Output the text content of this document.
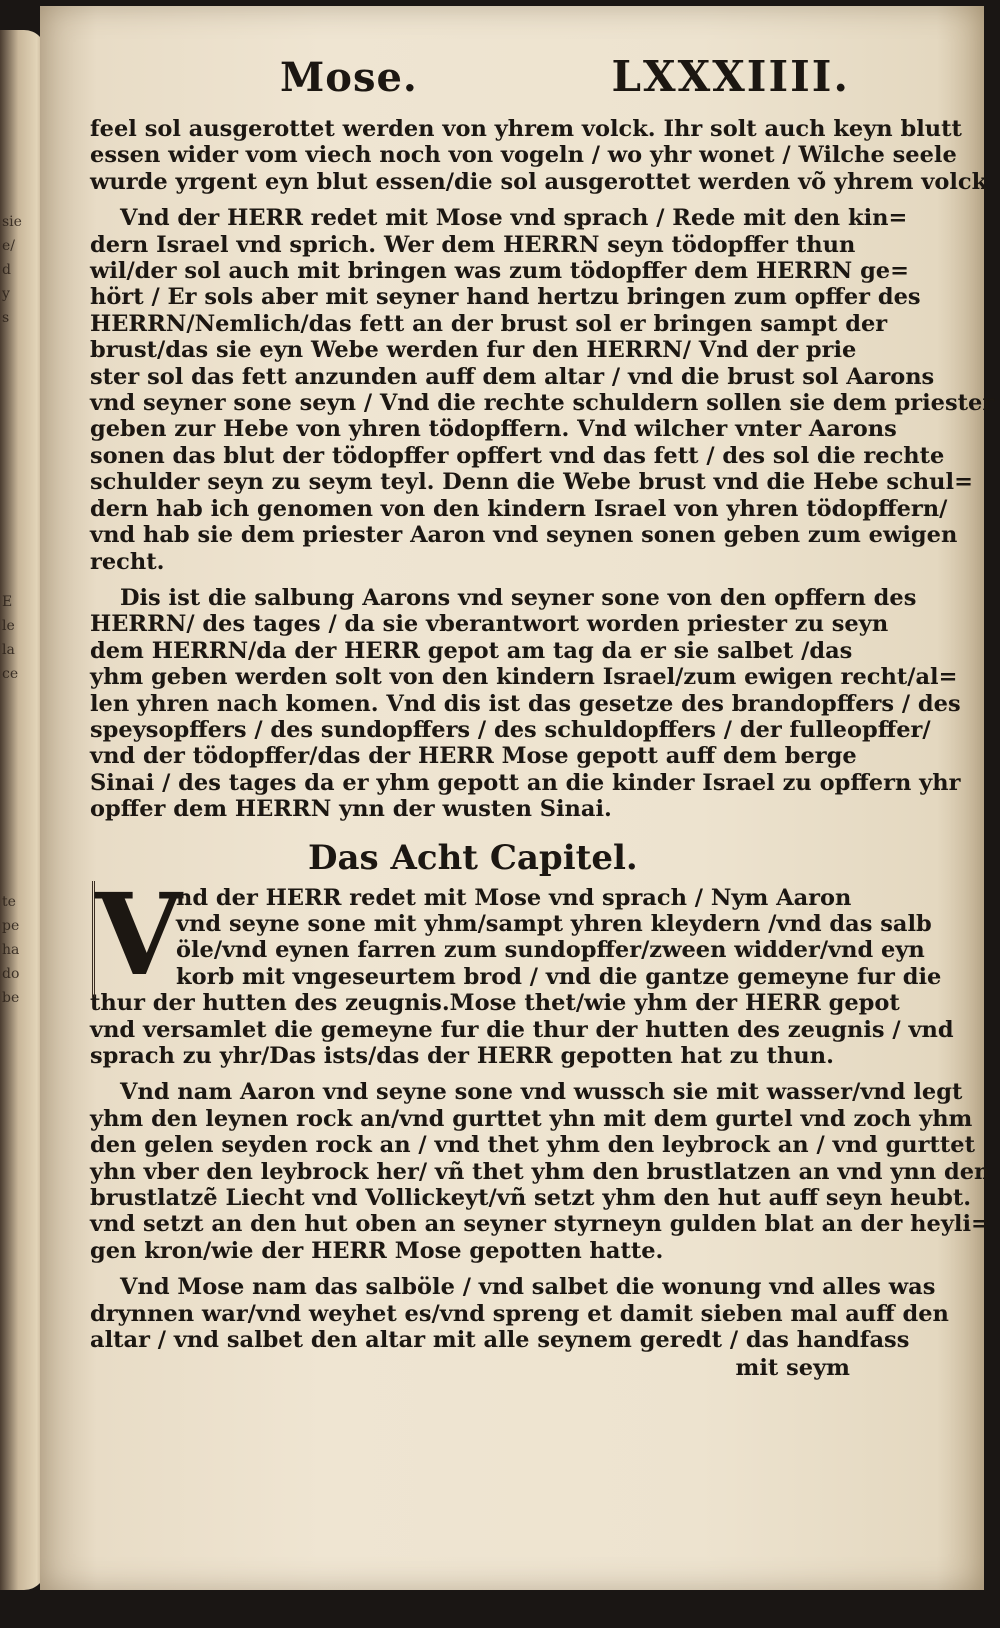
sie
e/
d
y
s
E
le
la
ce
te
pe
ha
do
be
Mose.	LXXXIIII.

feel sol ausgerottet werden von yhrem volck. Ihr solt auch keyn blutt
essen wider vom viech noch von vogeln / wo yhr wonet / Wilche seele
wurde yrgent eyn blut essen/die sol ausgerottet werden võ yhrem volck

Vnd der HERR redet mit Mose vnd sprach / Rede mit den kin=
dern Israel vnd sprich. Wer dem HERRN seyn tödopffer thun
wil/der sol auch mit bringen was zum tödopffer dem HERRN ge=
hört / Er sols aber mit seyner hand hertzu bringen zum opffer des
HERRN/Nemlich/das fett an der brust sol er bringen sampt der
brust/das sie eyn Webe werden fur den HERRN/ Vnd der prie
ster sol das fett anzunden auff dem altar / vnd die brust sol Aarons
vnd seyner sone seyn / Vnd die rechte schuldern sollen sie dem priester
geben zur Hebe von yhren tödopffern. Vnd wilcher vnter Aarons
sonen das blut der tödopffer opffert vnd das fett / des sol die rechte
schulder seyn zu seym teyl. Denn die Webe brust vnd die Hebe schul=
dern hab ich genomen von den kindern Israel von yhren tödopffern/
vnd hab sie dem priester Aaron vnd seynen sonen geben zum ewigen
recht.

Dis ist die salbung Aarons vnd seyner sone von den opffern des
HERRN/ des tages / da sie vberantwort worden priester zu seyn
dem HERRN/da der HERR gepot am tag da er sie salbet /das
yhm geben werden solt von den kindern Israel/zum ewigen recht/al=
len yhren nach komen. Vnd dis ist das gesetze des brandopffers / des
speysopffers / des sundopffers / des schuldopffers / der fulleopffer/
vnd der tödopffer/das der HERR Mose gepott auff dem berge
Sinai / des tages da er yhm gepott an die kinder Israel zu opffern yhr
opffer dem HERRN ynn der wusten Sinai.

Das Acht Capitel.
V

nd der HERR redet mit Mose vnd sprach / Nym Aaron
vnd seyne sone mit yhm/sampt yhren kleydern /vnd das salb
öle/vnd eynen farren zum sundopffer/zween widder/vnd eyn
korb mit vngeseurtem brod / vnd die gantze gemeyne fur die
thur der hutten des zeugnis.Mose thet/wie yhm der HERR gepot
vnd versamlet die gemeyne fur die thur der hutten des zeugnis / vnd
sprach zu yhr/Das ists/das der HERR gepotten hat zu thun.

Vnd nam Aaron vnd seyne sone vnd wussch sie mit wasser/vnd legt
yhm den leynen rock an/vnd gurttet yhn mit dem gurtel vnd zoch yhm
den gelen seyden rock an / vnd thet yhm den leybrock an / vnd gurttet
yhn vber den leybrock her/ vñ thet yhm den brustlatzen an vnd ynn den
brustlatzẽ Liecht vnd Vollickeyt/vñ setzt yhm den hut auff seyn heubt.
vnd setzt an den hut oben an seyner styrneyn gulden blat an der heyli=
gen kron/wie der HERR Mose gepotten hatte.

Vnd Mose nam das salböle / vnd salbet die wonung vnd alles was
drynnen war/vnd weyhet es/vnd spreng et damit sieben mal auff den
altar / vnd salbet den altar mit alle seynem geredt / das handfass

mit seym
